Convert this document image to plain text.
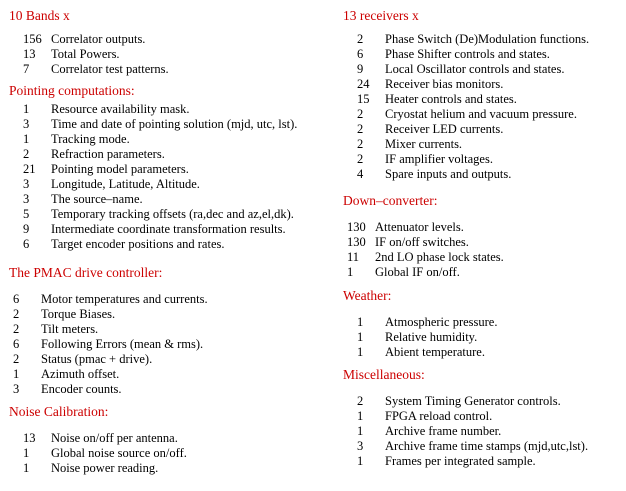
10 Bands x
156 Correlator outputs.
13	Total Powers.
7	Correlator test patterns.
Pointing computations:
1	Resource availability mask.
3	Time and date of pointing solution (mjd, utc, lst).
1	Tracking mode.
2	Refraction parameters.
21	Pointing model parameters.
3	Longitude, Latitude, Altitude.
3	The source–name.
5	Temporary tracking offsets (ra,dec and az,el,dk).
9	Intermediate coordinate transformation results.
6	Target encoder positions and rates.
The PMAC drive controller:
6	Motor temperatures and currents.
2	Torque Biases.
2	Tilt meters.
6	Following Errors (mean & rms).
2	Status (pmac + drive).
1	Azimuth offset.
3	Encoder counts.
Noise Calibration:
13	Noise on/off per antenna.
1	Global noise source on/off.
1	Noise power reading.
13 receivers x
2	Phase Switch (De)Modulation functions.
6	Phase Shifter controls and states.
9	Local Oscillator controls and states.
24	Receiver bias monitors.
15	Heater controls and states.
2	Cryostat helium and vacuum pressure.
2	Receiver LED currents.
2	Mixer currents.
2	IF amplifier voltages.
4	Spare inputs and outputs.
Down–converter:
130 Attenuator levels.
130 IF on/off switches.
11	2nd LO phase lock states.
1	Global IF on/off.
Weather:
1	Atmospheric pressure.
1	Relative humidity.
1	Abient temperature.
Miscellaneous:
2	System Timing Generator controls.
1	FPGA reload control.
1	Archive frame number.
3	Archive frame time stamps (mjd,utc,lst).
1	Frames per integrated sample.
